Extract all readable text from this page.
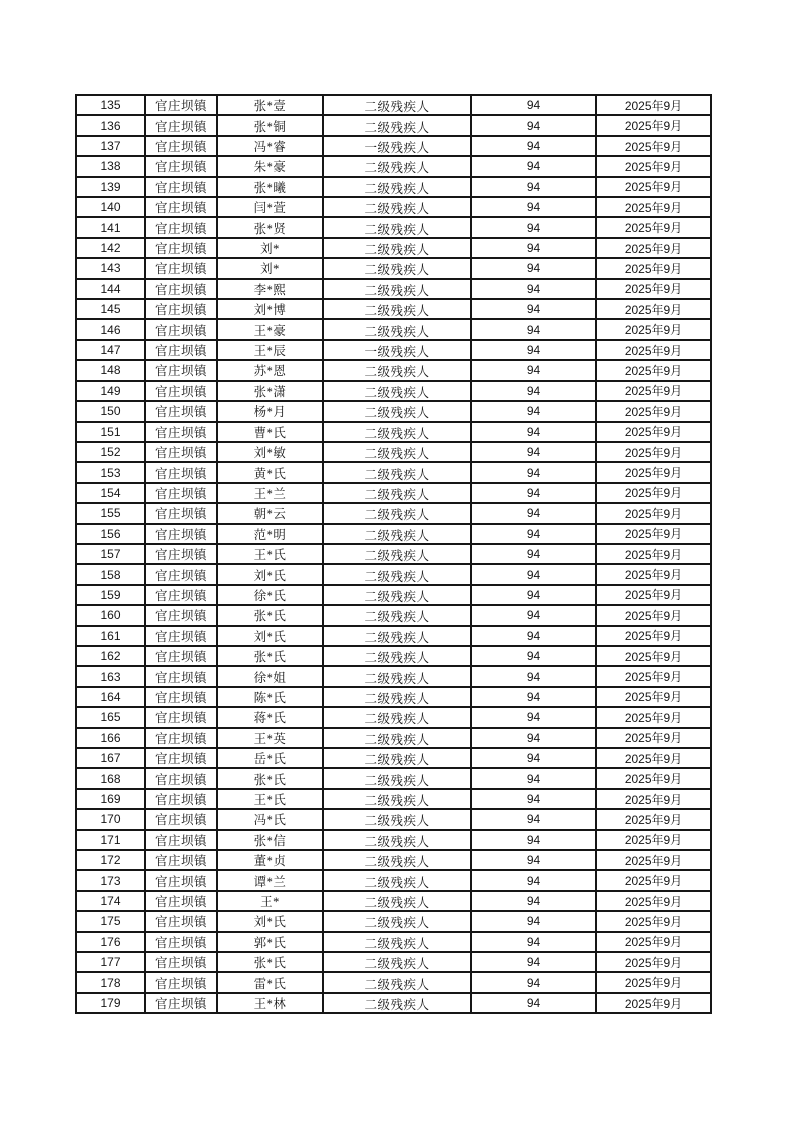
135	官庄坝镇	张*壹	二级残疾人	94	2025年9月
136	官庄坝镇	张*铜	二级残疾人	94	2025年9月
137	官庄坝镇	冯*睿	一级残疾人	94	2025年9月
138	官庄坝镇	朱*豪	二级残疾人	94	2025年9月
139	官庄坝镇	张*曦	二级残疾人	94	2025年9月
140	官庄坝镇	闫*萱	二级残疾人	94	2025年9月
141	官庄坝镇	张*贤	二级残疾人	94	2025年9月
142	官庄坝镇	刘*	二级残疾人	94	2025年9月
143	官庄坝镇	刘*	二级残疾人	94	2025年9月
144	官庄坝镇	李*熙	二级残疾人	94	2025年9月
145	官庄坝镇	刘*博	二级残疾人	94	2025年9月
146	官庄坝镇	王*豪	二级残疾人	94	2025年9月
147	官庄坝镇	王*辰	一级残疾人	94	2025年9月
148	官庄坝镇	苏*恩	二级残疾人	94	2025年9月
149	官庄坝镇	张*潇	二级残疾人	94	2025年9月
150	官庄坝镇	杨*月	二级残疾人	94	2025年9月
151	官庄坝镇	曹*氏	二级残疾人	94	2025年9月
152	官庄坝镇	刘*敏	二级残疾人	94	2025年9月
153	官庄坝镇	黄*氏	二级残疾人	94	2025年9月
154	官庄坝镇	王*兰	二级残疾人	94	2025年9月
155	官庄坝镇	朝*云	二级残疾人	94	2025年9月
156	官庄坝镇	范*明	二级残疾人	94	2025年9月
157	官庄坝镇	王*氏	二级残疾人	94	2025年9月
158	官庄坝镇	刘*氏	二级残疾人	94	2025年9月
159	官庄坝镇	徐*氏	二级残疾人	94	2025年9月
160	官庄坝镇	张*氏	二级残疾人	94	2025年9月
161	官庄坝镇	刘*氏	二级残疾人	94	2025年9月
162	官庄坝镇	张*氏	二级残疾人	94	2025年9月
163	官庄坝镇	徐*姐	二级残疾人	94	2025年9月
164	官庄坝镇	陈*氏	二级残疾人	94	2025年9月
165	官庄坝镇	蒋*氏	二级残疾人	94	2025年9月
166	官庄坝镇	王*英	二级残疾人	94	2025年9月
167	官庄坝镇	岳*氏	二级残疾人	94	2025年9月
168	官庄坝镇	张*氏	二级残疾人	94	2025年9月
169	官庄坝镇	王*氏	二级残疾人	94	2025年9月
170	官庄坝镇	冯*氏	二级残疾人	94	2025年9月
171	官庄坝镇	张*信	二级残疾人	94	2025年9月
172	官庄坝镇	董*贞	二级残疾人	94	2025年9月
173	官庄坝镇	谭*兰	二级残疾人	94	2025年9月
174	官庄坝镇	王*	二级残疾人	94	2025年9月
175	官庄坝镇	刘*氏	二级残疾人	94	2025年9月
176	官庄坝镇	郭*氏	二级残疾人	94	2025年9月
177	官庄坝镇	张*氏	二级残疾人	94	2025年9月
178	官庄坝镇	雷*氏	二级残疾人	94	2025年9月
179	官庄坝镇	王*林	二级残疾人	94	2025年9月
